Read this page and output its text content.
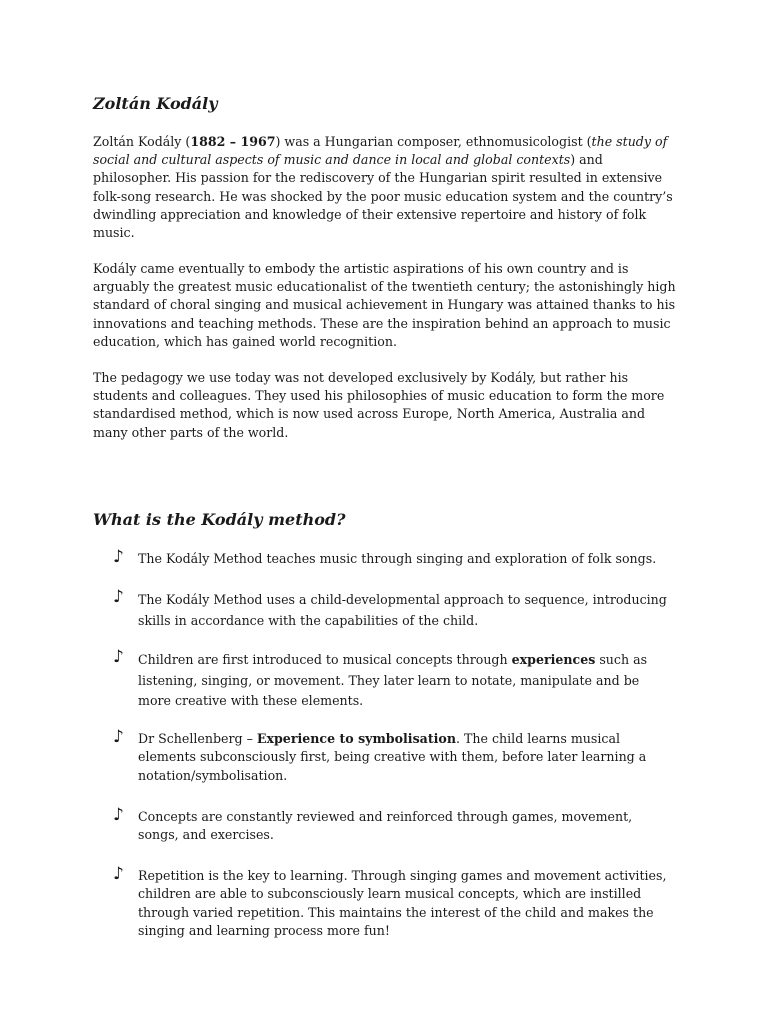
Zoltán Kodály

Zoltán Kodály (1882 – 1967) was a Hungarian composer, ethnomusicologist (the study of social and cultural aspects of music and dance in local and global contexts) and philosopher. His passion for the rediscovery of the Hungarian spirit resulted in extensive folk-song research. He was shocked by the poor music education system and the country’s dwindling appreciation and knowledge of their extensive repertoire and history of folk music.

Kodály came eventually to embody the artistic aspirations of his own country and is arguably the greatest music educationalist of the twentieth century; the astonishingly high standard of choral singing and musical achievement in Hungary was attained thanks to his innovations and teaching methods. These are the inspiration behind an approach to music education, which has gained world recognition.

The pedagogy we use today was not developed exclusively by Kodály, but rather his students and colleagues. They used his philosophies of music education to form the more standardised method, which is now used across Europe, North America, Australia and many other parts of the world.

What is the Kodály method?
♪ The Kodály Method teaches music through singing and exploration of folk songs.

♪ The Kodály Method uses a child-developmental approach to sequence, introducing skills in accordance with the capabilities of the child.

♪ Children are first introduced to musical concepts through experiences such as listening, singing, or movement. They later learn to notate, manipulate and be more creative with these elements.

♪ Dr Schellenberg – Experience to symbolisation. The child learns musical elements subconsciously first, being creative with them, before later learning a notation/symbolisation.

♪ Concepts are constantly reviewed and reinforced through games, movement, songs, and exercises.

♪ Repetition is the key to learning. Through singing games and movement activities, children are able to subconsciously learn musical concepts, which are instilled through varied repetition. This maintains the interest of the child and makes the singing and learning process more fun!
